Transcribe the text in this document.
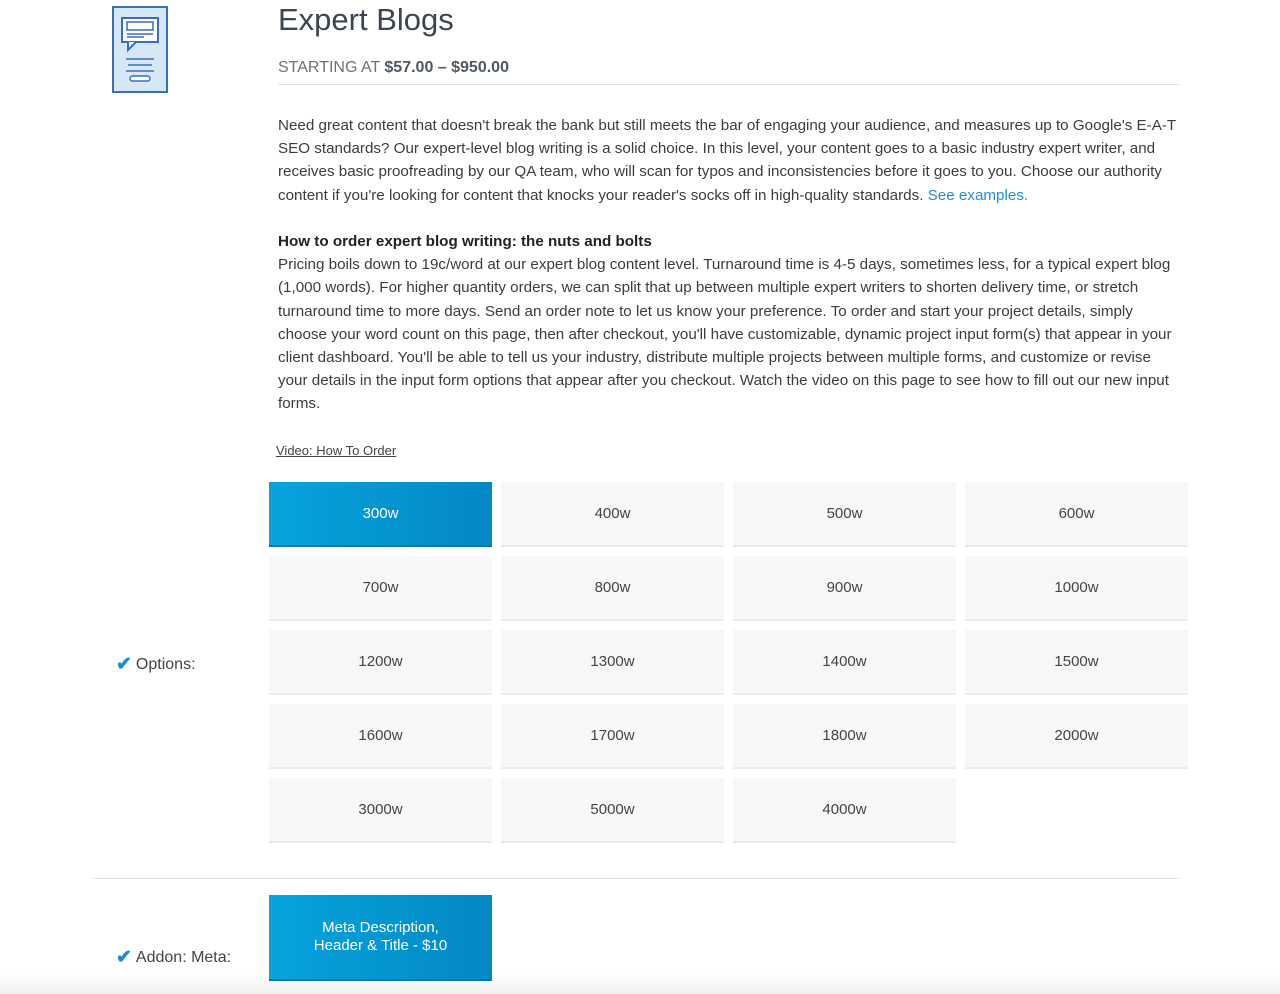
Expert Blogs
STARTING AT $57.00 – $950.00

Need great content that doesn't break the bank but still meets the bar of engaging your audience, and measures up to Google's E-A-T SEO standards? Our expert-level blog writing is a solid choice. In this level, your content goes to a basic industry expert writer, and receives basic proofreading by our QA team, who will scan for typos and inconsistencies before it goes to you. Choose our authority content if you're looking for content that knocks your reader's socks off in high-quality standards. See examples.

How to order expert blog writing: the nuts and bolts
Pricing boils down to 19c/word at our expert blog content level. Turnaround time is 4-5 days, sometimes less, for a typical expert blog (1,000 words). For higher quantity orders, we can split that up between multiple expert writers to shorten delivery time, or stretch turnaround time to more days. Send an order note to let us know your preference. To order and start your project details, simply choose your word count on this page, then after checkout, you'll have customizable, dynamic project input form(s) that appear in your client dashboard. You'll be able to tell us your industry, distribute multiple projects between multiple forms, and customize or revise your details in the input form options that appear after you checkout. Watch the video on this page to see how to fill out our new input forms.
Video: How To Order
300w	400w	500w	600w
700w	800w	900w	1000w
1200w	1300w	1400w	1500w
1600w	1700w	1800w	2000w
3000w	5000w	4000w
✔ Options:
✔ Addon: Meta:
Meta Description, Header & Title - $10
